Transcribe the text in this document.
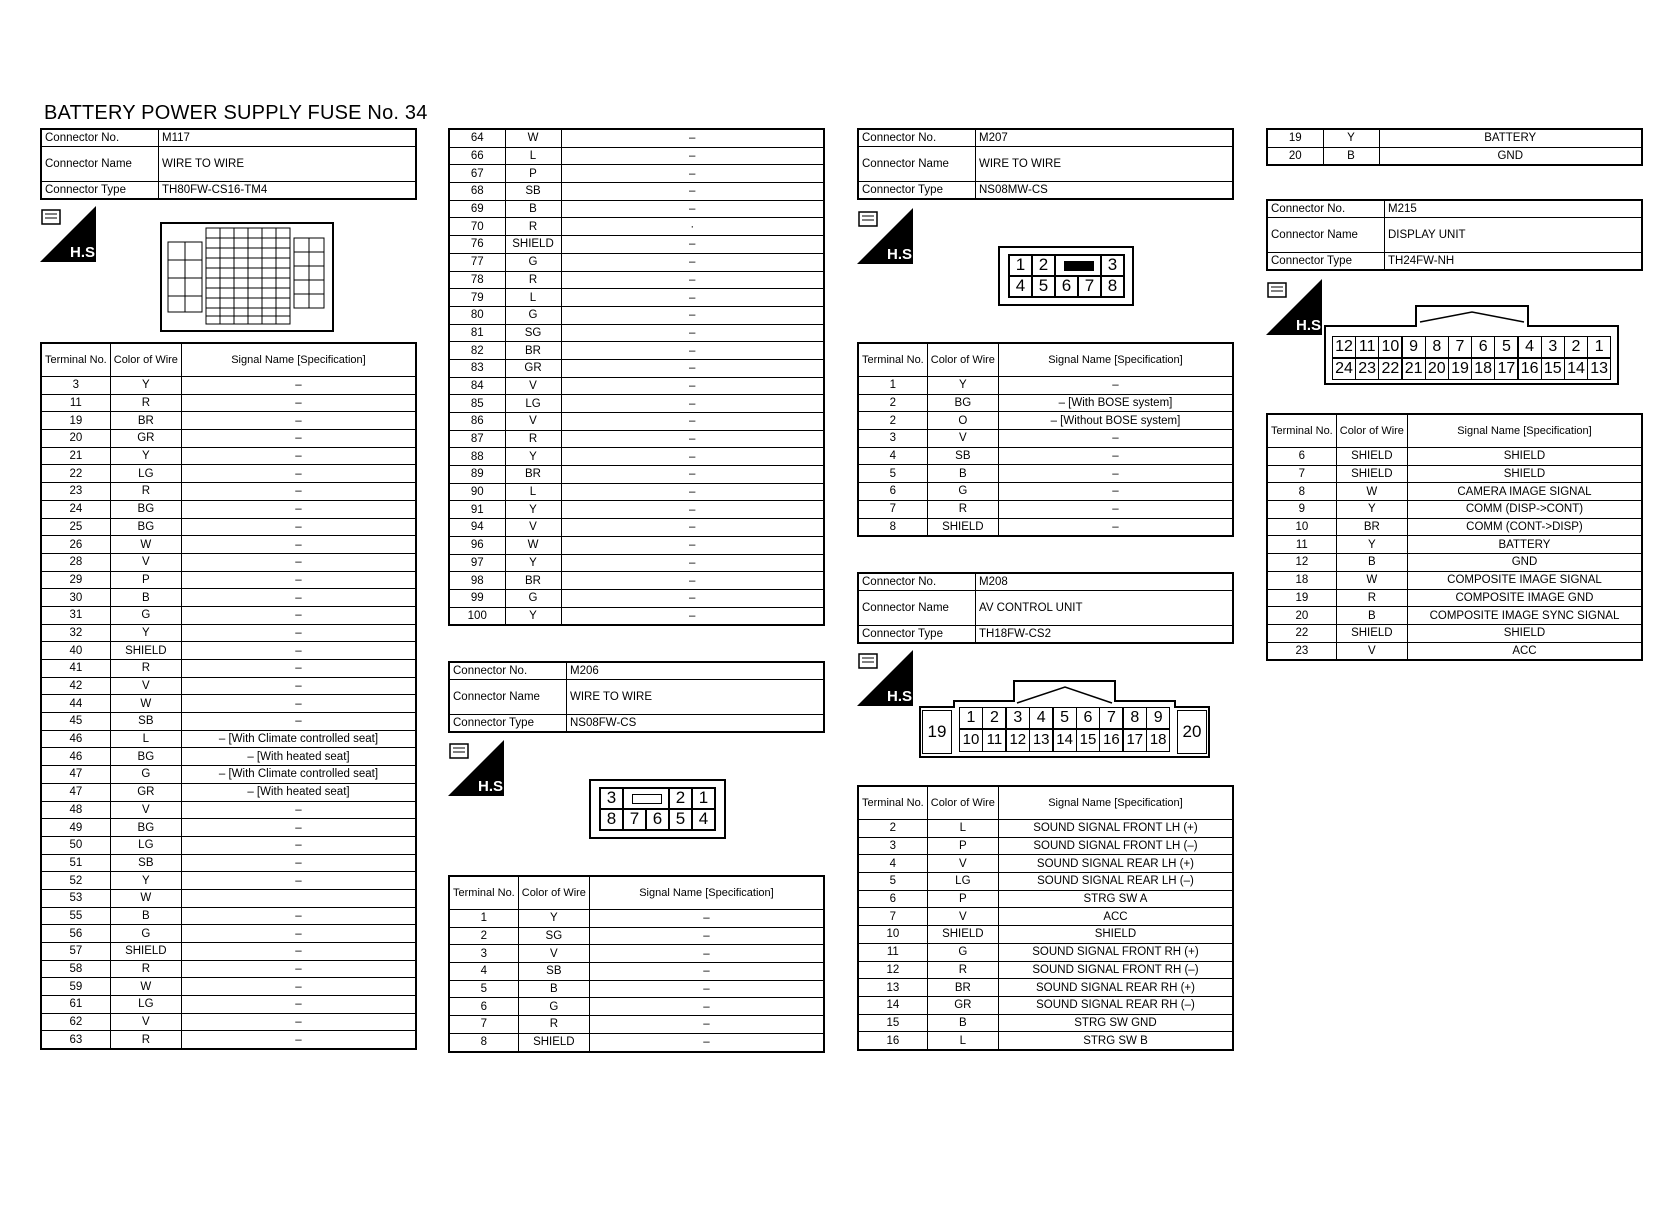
BATTERY POWER SUPPLY FUSE No. 34
Connector No.	M117
Connector Name	WIRE TO WIRE
Connector Type	TH80FW-CS16-TM4
H.S.
Terminal No.	Color of Wire	Signal Name [Specification]
3	Y	–
11	R	–
19	BR	–
20	GR	–
21	Y	–
22	LG	–
23	R	–
24	BG	–
25	BG	–
26	W	–
28	V	–
29	P	–
30	B	–
31	G	–
32	Y	–
40	SHIELD	–
41	R	–
42	V	–
44	W	–
45	SB	–
46	L	– [With Climate controlled seat]
46	BG	– [With heated seat]
47	G	– [With Climate controlled seat]
47	GR	– [With heated seat]
48	V	–
49	BG	–
50	LG	–
51	SB	–
52	Y	–
53	W	
55	B	–
56	G	–
57	SHIELD	–
58	R	–
59	W	–
61	LG	–
62	V	–
63	R	–
64	W	–
66	L	–
67	P	–
68	SB	–
69	B	–
70	R	·
76	SHIELD	–
77	G	–
78	R	–
79	L	–
80	G	–
81	SG	–
82	BR	–
83	GR	–
84	V	–
85	LG	–
86	V	–
87	R	–
88	Y	–
89	BR	–
90	L	–
91	Y	–
94	V	–
96	W	–
97	Y	–
98	BR	–
99	G	–
100	Y	–
Connector No.	M206
Connector Name	WIRE TO WIRE
Connector Type	NS08FW-CS
H.S.
3	2 1
8 7 6 5 4
Terminal No.	Color of Wire	Signal Name [Specification]
1	Y	–
2	SG	–
3	V	–
4	SB	–
5	B	–
6	G	–
7	R	–
8	SHIELD	–
Connector No.	M207
Connector Name	WIRE TO WIRE
Connector Type	NS08MW-CS
H.S.
1 2	3
4 5 6 7 8
Terminal No.	Color of Wire	Signal Name [Specification]
1	Y	–
2	BG	– [With BOSE system]
2	O	– [Without BOSE system]
3	V	–
4	SB	–
5	B	–
6	G	–
7	R	–
8	SHIELD	–
Connector No.	M208
Connector Name	AV CONTROL UNIT
Connector Type	TH18FW-CS2
H.S.
19	20
1 2 3 4 5 6 7 8 9
10 11 12 13 14 15 16 17 18
Terminal No.	Color of Wire	Signal Name [Specification]
2	L	SOUND SIGNAL FRONT LH (+)
3	P	SOUND SIGNAL FRONT LH (–)
4	V	SOUND SIGNAL REAR LH (+)
5	LG	SOUND SIGNAL REAR LH (–)
6	P	STRG SW A
7	V	ACC
10	SHIELD	SHIELD
11	G	SOUND SIGNAL FRONT RH (+)
12	R	SOUND SIGNAL FRONT RH (–)
13	BR	SOUND SIGNAL REAR RH (+)
14	GR	SOUND SIGNAL REAR RH (–)
15	B	STRG SW GND
16	L	STRG SW B
19	Y	BATTERY
20	B	GND
Connector No.	M215
Connector Name	DISPLAY UNIT
Connector Type	TH24FW-NH
H.S.
12 11 10 9 8 7 6 5 4 3 2 1
24 23 22 21 20 19 18 17 16 15 14 13
Terminal No.	Color of Wire	Signal Name [Specification]
6	SHIELD	SHIELD
7	SHIELD	SHIELD
8	W	CAMERA IMAGE SIGNAL
9	Y	COMM (DISP->CONT)
10	BR	COMM (CONT->DISP)
11	Y	BATTERY
12	B	GND
18	W	COMPOSITE IMAGE SIGNAL
19	R	COMPOSITE IMAGE GND
20	B	COMPOSITE IMAGE SYNC SIGNAL
22	SHIELD	SHIELD
23	V	ACC
